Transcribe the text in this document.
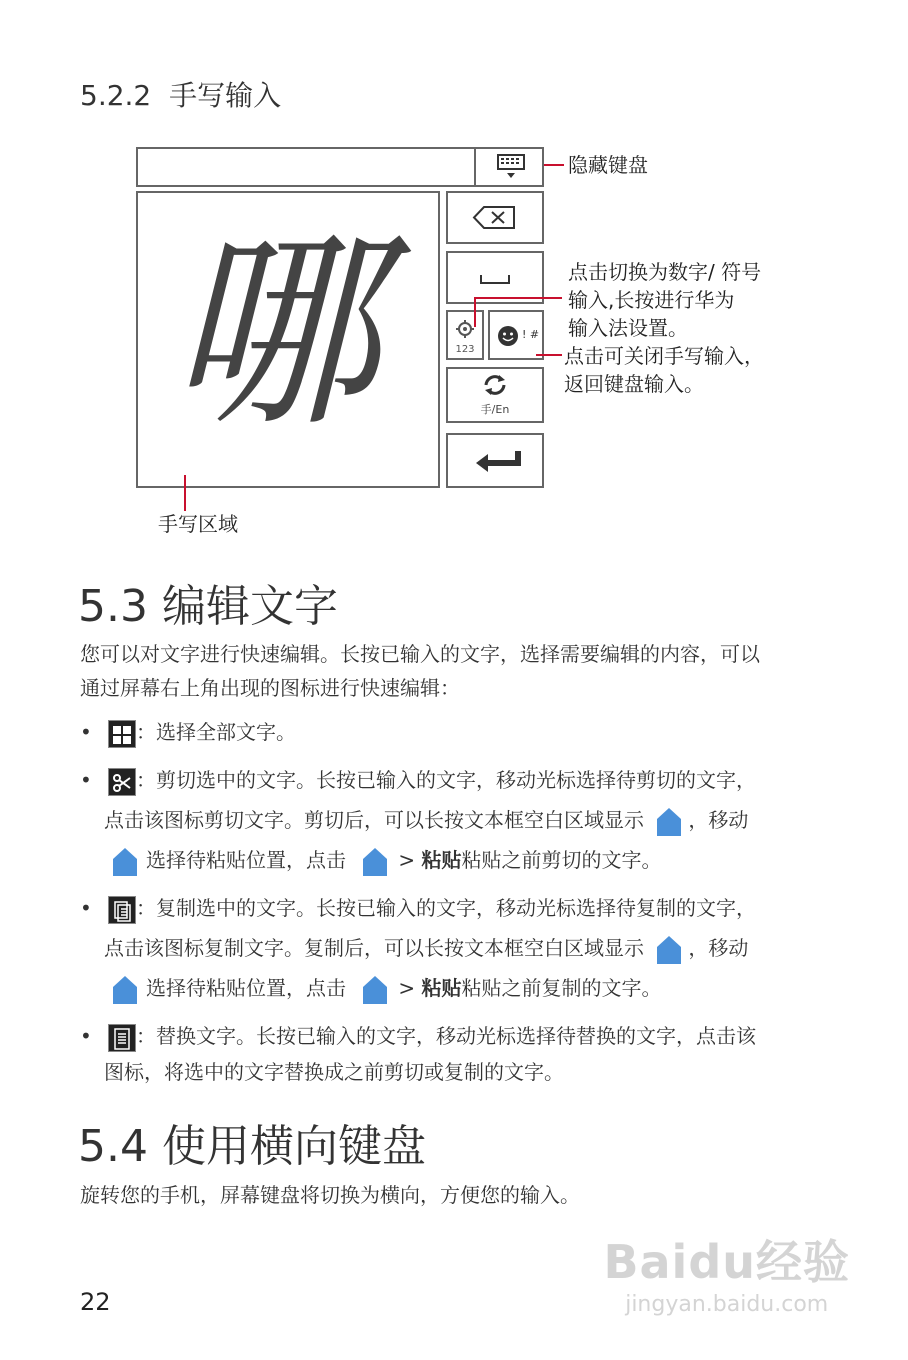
5.2.2 手写输入
哪	123
! #
手/En
隐藏键盘
点击切换为数字/ 符号
输入,长按进行华为
输入法设置。
点击可关闭手写输入，
返回键盘输入。
手写区域
5.3 编辑文字
您可以对文字进行快速编辑。长按已输入的文字，选择需要编辑的内容，可以
通过屏幕右上角出现的图标进行快速编辑：
•	：选择全部文字。
•	：剪切选中的文字。长按已输入的文字，移动光标选择待剪切的文字，
点击该图标剪切文字。剪切后，可以长按文本框空白区域显示 ，移动
选择待粘贴位置，点击	> 粘贴粘贴之前剪切的文字。
•	：复制选中的文字。长按已输入的文字，移动光标选择待复制的文字，
点击该图标复制文字。复制后，可以长按文本框空白区域显示 ，移动
选择待粘贴位置，点击	> 粘贴粘贴之前复制的文字。
•	：替换文字。长按已输入的文字，移动光标选择待替换的文字，点击该
图标，将选中的文字替换成之前剪切或复制的文字。
5.4 使用横向键盘
旋转您的手机，屏幕键盘将切换为横向，方便您的输入。
22
Baidu经验
jingyan.baidu.com
